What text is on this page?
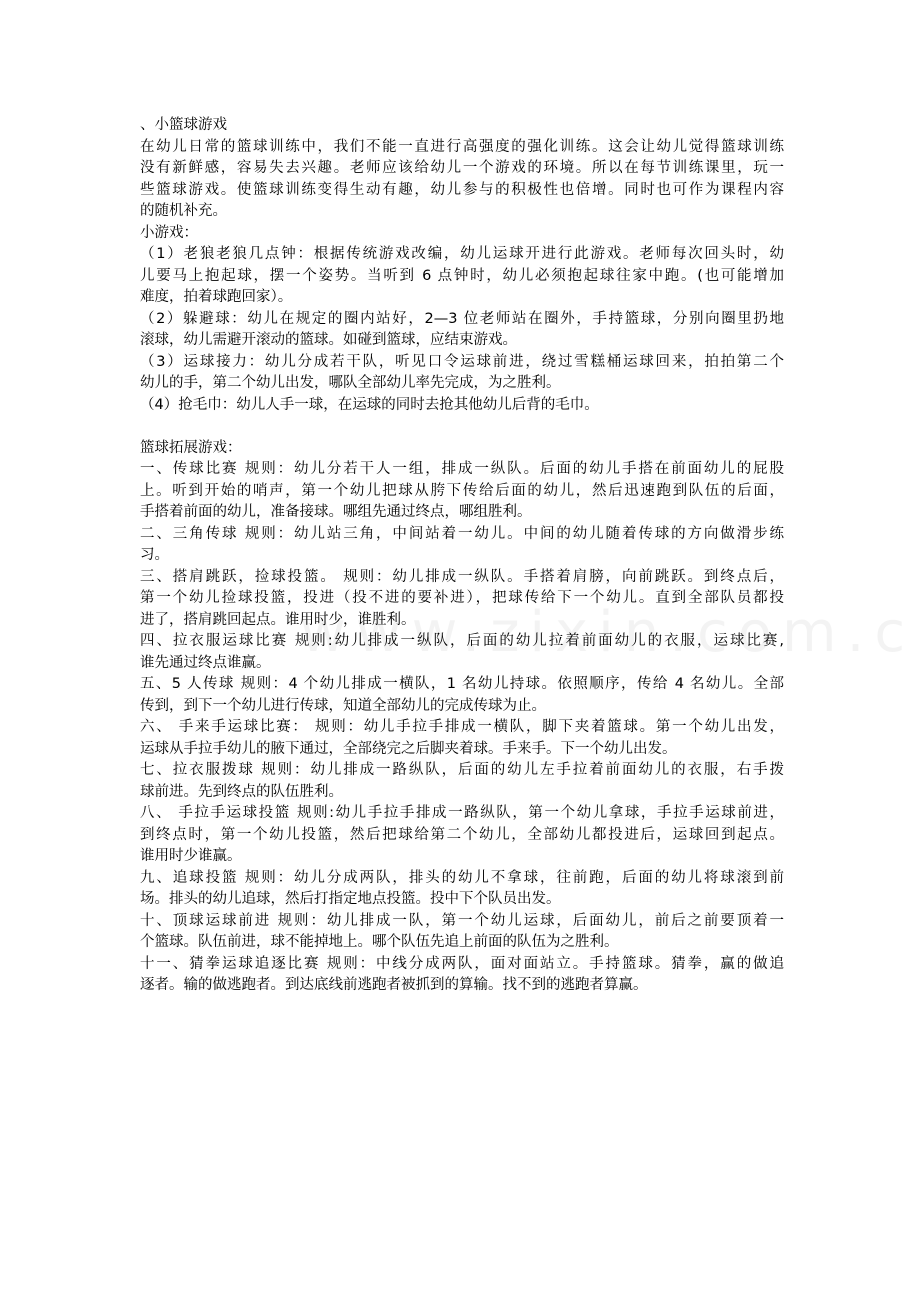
、小篮球游戏

在幼儿日常的篮球训练中，我们不能一直进行高强度的强化训练。这会让幼儿觉得篮球训练
没有新鲜感，容易失去兴趣。老师应该给幼儿一个游戏的环境。所以在每节训练课里，玩一
些篮球游戏。使篮球训练变得生动有趣，幼儿参与的积极性也倍增。同时也可作为课程内容
的随机补充。

小游戏：

（1）老狼老狼几点钟：根据传统游戏改编，幼儿运球开进行此游戏。老师每次回头时，幼
儿要马上抱起球，摆一个姿势。当听到 6 点钟时，幼儿必须抱起球往家中跑。(也可能增加
难度，拍着球跑回家）。

（2）躲避球：幼儿在规定的圈内站好，2—3 位老师站在圈外，手持篮球，分别向圈里扔地
滚球，幼儿需避开滚动的篮球。如碰到篮球，应结束游戏。

（3）运球接力：幼儿分成若干队，听见口令运球前进，绕过雪糕桶运球回来，拍拍第二个
幼儿的手，第二个幼儿出发，哪队全部幼儿率先完成，为之胜利。

（4）抢毛巾：幼儿人手一球，在运球的同时去抢其他幼儿后背的毛巾。

篮球拓展游戏：

一、传球比赛 规则：幼儿分若干人一组，排成一纵队。后面的幼儿手搭在前面幼儿的屁股
上。听到开始的哨声，第一个幼儿把球从胯下传给后面的幼儿，然后迅速跑到队伍的后面，
手搭着前面的幼儿，准备接球。哪组先通过终点，哪组胜利。

二、三角传球 规则：幼儿站三角，中间站着一幼儿。中间的幼儿随着传球的方向做滑步练
习。

三、搭肩跳跃，捡球投篮。 规则：幼儿排成一纵队。手搭着肩膀，向前跳跃。到终点后，
第一个幼儿捡球投篮，投进（投不进的要补进），把球传给下一个幼儿。直到全部队员都投
进了，搭肩跳回起点。谁用时少，谁胜利。

四、拉衣服运球比赛 规则:幼儿排成一纵队，后面的幼儿拉着前面幼儿的衣服，运球比赛,
谁先通过终点谁赢。

五、5 人传球 规则：4 个幼儿排成一横队，1 名幼儿持球。依照顺序，传给 4 名幼儿。全部
传到，到下一个幼儿进行传球，知道全部幼儿的完成传球为止。

六、 手来手运球比赛： 规则：幼儿手拉手排成一横队，脚下夹着篮球。第一个幼儿出发，
运球从手拉手幼儿的腋下通过，全部绕完之后脚夹着球。手来手。下一个幼儿出发。

七、拉衣服拨球 规则：幼儿排成一路纵队，后面的幼儿左手拉着前面幼儿的衣服，右手拨
球前进。先到终点的队伍胜利。

八、 手拉手运球投篮 规则:幼儿手拉手排成一路纵队，第一个幼儿拿球，手拉手运球前进，
到终点时，第一个幼儿投篮，然后把球给第二个幼儿，全部幼儿都投进后，运球回到起点。
谁用时少谁赢。

九、追球投篮 规则：幼儿分成两队，排头的幼儿不拿球，往前跑，后面的幼儿将球滚到前
场。排头的幼儿追球，然后打指定地点投篮。投中下个队员出发。

十、顶球运球前进 规则：幼儿排成一队，第一个幼儿运球，后面幼儿，前后之前要顶着一
个篮球。队伍前进，球不能掉地上。哪个队伍先追上前面的队伍为之胜利。

十一、猜拳运球追逐比赛 规则：中线分成两队，面对面站立。手持篮球。猜拳，赢的做追
逐者。输的做逃跑者。到达底线前逃跑者被抓到的算输。找不到的逃跑者算赢。
